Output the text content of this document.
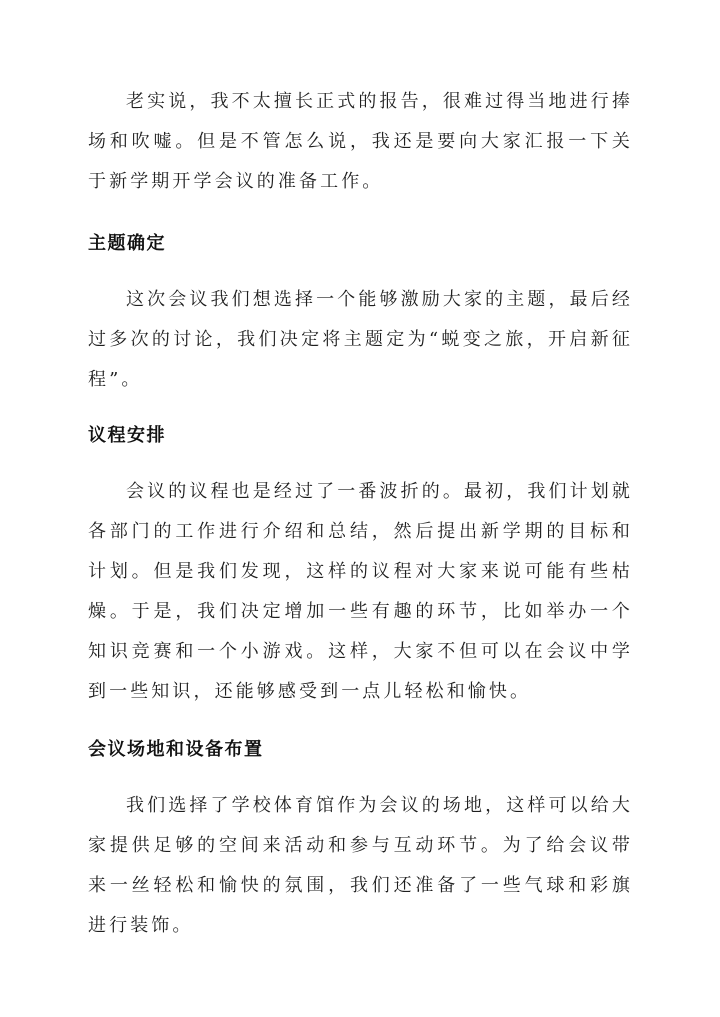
老实说，我不太擅长正式的报告，很难过得当地进行捧场和吹嘘。但是不管怎么说，我还是要向大家汇报一下关于新学期开学会议的准备工作。

主题确定

这次会议我们想选择一个能够激励大家的主题，最后经过多次的讨论，我们决定将主题定为“蜕变之旅，开启新征程”。

议程安排

会议的议程也是经过了一番波折的。最初，我们计划就各部门的工作进行介绍和总结，然后提出新学期的目标和计划。但是我们发现，这样的议程对大家来说可能有些枯燥。于是，我们决定增加一些有趣的环节，比如举办一个知识竞赛和一个小游戏。这样，大家不但可以在会议中学到一些知识，还能够感受到一点儿轻松和愉快。

会议场地和设备布置

我们选择了学校体育馆作为会议的场地，这样可以给大家提供足够的空间来活动和参与互动环节。为了给会议带来一丝轻松和愉快的氛围，我们还准备了一些气球和彩旗进行装饰。
